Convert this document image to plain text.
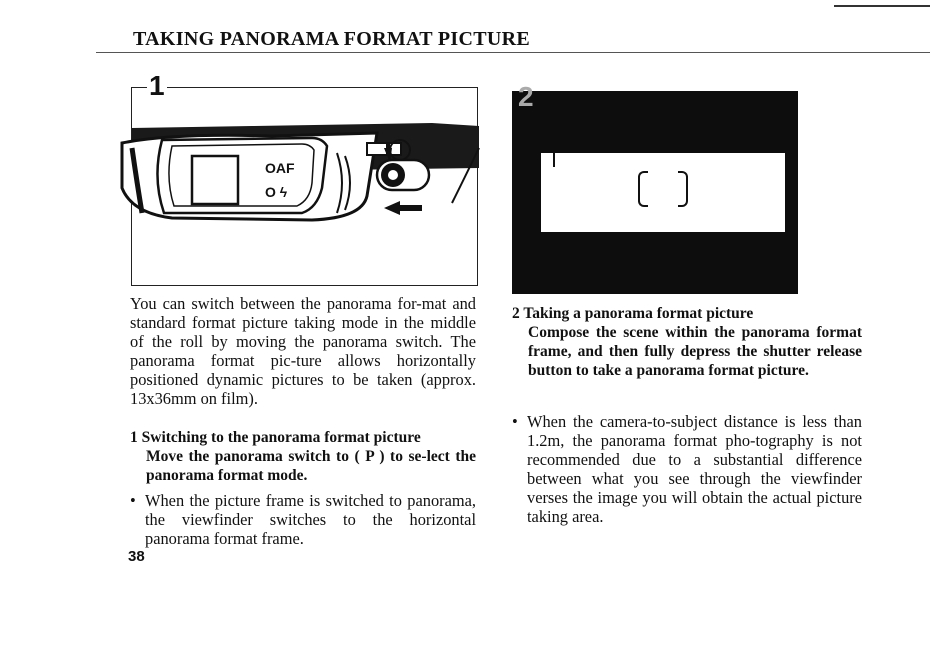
TAKING PANORAMA FORMAT PICTURE
1
OAF
O ϟ
2
You can switch between the panorama for-mat and standard format picture taking mode in the middle of the roll by moving the panorama switch. The panorama format pic-ture allows horizontally positioned dynamic pictures to be taken (approx. 13x36mm on film).
1 Switching to the panorama format picture
Move the panorama switch to ( P ) to se-lect the panorama format mode.
• When the picture frame is switched to panorama, the viewfinder switches to the horizontal panorama format frame.
38
2 Taking a panorama format picture
Compose the scene within the panorama format frame, and then fully depress the shutter release button to take a panorama format picture.
• When the camera-to-subject distance is less than 1.2m, the panorama format pho-tography is not recommended due to a substantial difference between what you see through the viewfinder verses the image you will obtain the actual picture taking area.
